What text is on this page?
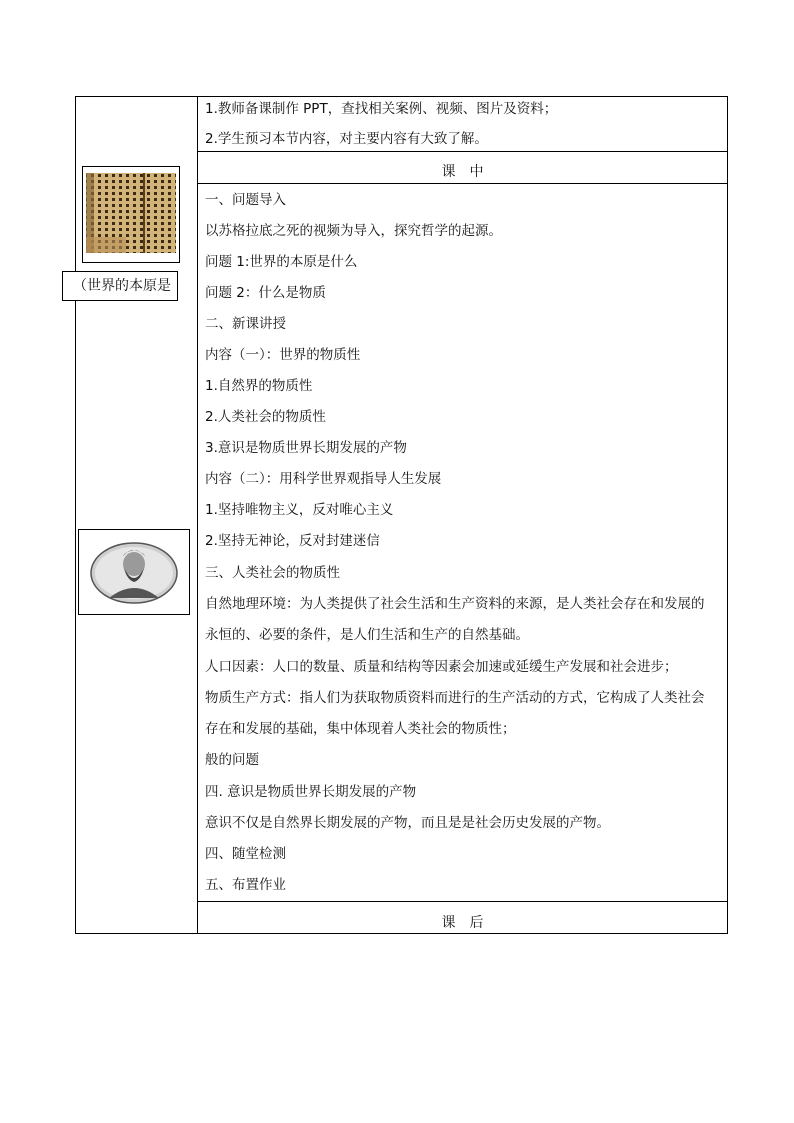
（世界的本原是
1.教师备课制作 PPT，查找相关案例、视频、图片及资料；
2.学生预习本节内容，对主要内容有大致了解。
课　中
一、问题导入
以苏格拉底之死的视频为导入，探究哲学的起源。
问题 1:世界的本原是什么
问题 2：什么是物质
二、新课讲授
内容（一）：世界的物质性
1.自然界的物质性
2.人类社会的物质性
3.意识是物质世界长期发展的产物
内容（二）：用科学世界观指导人生发展
1.坚持唯物主义，反对唯心主义
2.坚持无神论，反对封建迷信
三、人类社会的物质性
自然地理环境：为人类提供了社会生活和生产资料的来源，是人类社会存在和发展的
永恒的、必要的条件，是人们生活和生产的自然基础。
人口因素：人口的数量、质量和结构等因素会加速或延缓生产发展和社会进步；
物质生产方式：指人们为获取物质资料而进行的生产活动的方式，它构成了人类社会
存在和发展的基础，集中体现着人类社会的物质性；
般的问题
四. 意识是物质世界长期发展的产物
意识不仅是自然界长期发展的产物，而且是是社会历史发展的产物。
四、随堂检测
五、布置作业
课　后
